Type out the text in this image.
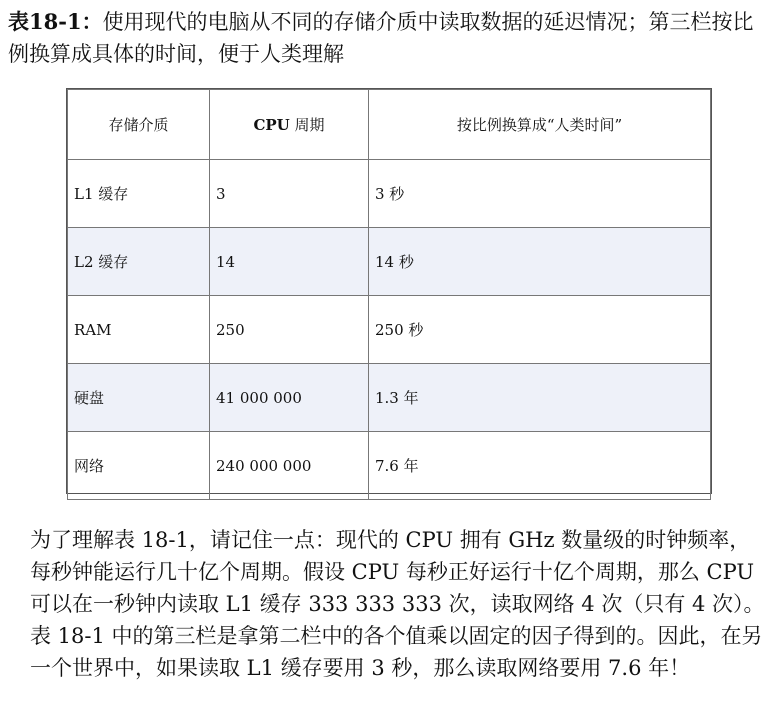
表18-1：使用现代的电脑从不同的存储介质中读取数据的延迟情况；第三栏按比例换算成具体的时间，便于人类理解

存储介质	CPU 周期	按比例换算成“人类时间”
L1 缓存	3	3 秒
L2 缓存	14	14 秒
RAM	250	250 秒
硬盘	41 000 000	1.3 年
网络	240 000 000	7.6 年

为了理解表 18-1，请记住一点：现代的 CPU 拥有 GHz 数量级的时钟频率，每秒钟能运行几十亿个周期。假设 CPU 每秒正好运行十亿个周期，那么 CPU 可以在一秒钟内读取 L1 缓存 333 333 333 次，读取网络 4 次（只有 4 次）。表 18-1 中的第三栏是拿第二栏中的各个值乘以固定的因子得到的。因此，在另一个世界中，如果读取 L1 缓存要用 3 秒，那么读取网络要用 7.6 年！
